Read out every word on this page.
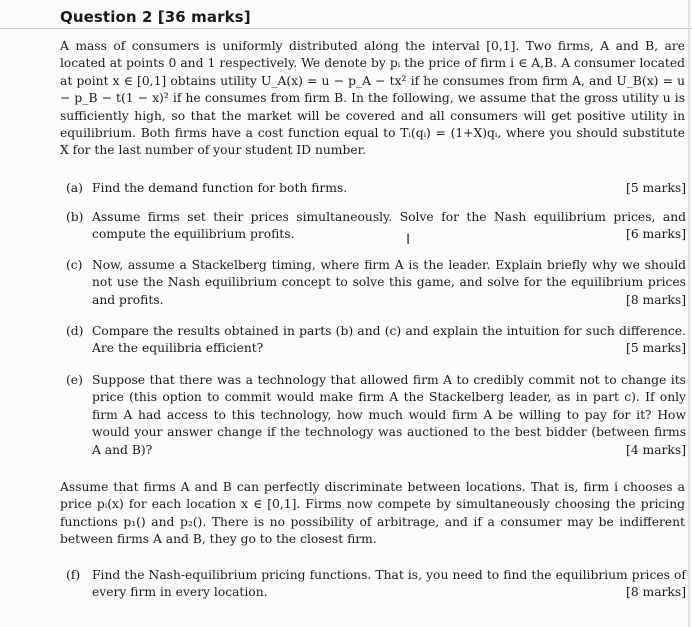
Question 2 [36 marks]
A mass of consumers is uniformly distributed along the interval [0,1]. Two firms, A and B, are located at points 0 and 1 respectively. We denote by pᵢ the price of firm i ∈ A,B. A consumer located at point x ∈ [0,1] obtains utility U_A(x) = u − p_A − tx² if he consumes from firm A, and U_B(x) = u − p_B − t(1 − x)² if he consumes from firm B. In the following, we assume that the gross utility u is sufficiently high, so that the market will be covered and all consumers will get positive utility in equilibrium. Both firms have a cost function equal to Tᵢ(qᵢ) = (1+X)qᵢ, where you should substitute X for the last number of your student ID number.
(a)	[5 marks]
Find the demand function for both firms.
(b) Assume firms set their prices simultaneously. Solve for the Nash equilibrium prices, and compute the equilibrium profits.	[6 marks]
(c) Now, assume a Stackelberg timing, where firm A is the leader. Explain briefly why we should not use the Nash equilibrium concept to solve this game, and solve for the equilibrium prices and profits.	[8 marks]
(d) Compare the results obtained in parts (b) and (c) and explain the intuition for such difference. Are the equilibria efficient?	[5 marks]
(e) Suppose that there was a technology that allowed firm A to credibly commit not to change its price (this option to commit would make firm A the Stackelberg leader, as in part c). If only firm A had access to this technology, how much would firm A be willing to pay for it? How would your answer change if the technology was auctioned to the best bidder (between firms A and B)?	[4 marks]
Assume that firms A and B can perfectly discriminate between locations. That is, firm i chooses a price pᵢ(x) for each location x ∈ [0,1]. Firms now compete by simultaneously choosing the pricing functions p₁() and p₂(). There is no possibility of arbitrage, and if a consumer may be indifferent between firms A and B, they go to the closest firm.
(f) Find the Nash-equilibrium pricing functions. That is, you need to find the equilibrium prices of every firm in every location.	[8 marks]
I
